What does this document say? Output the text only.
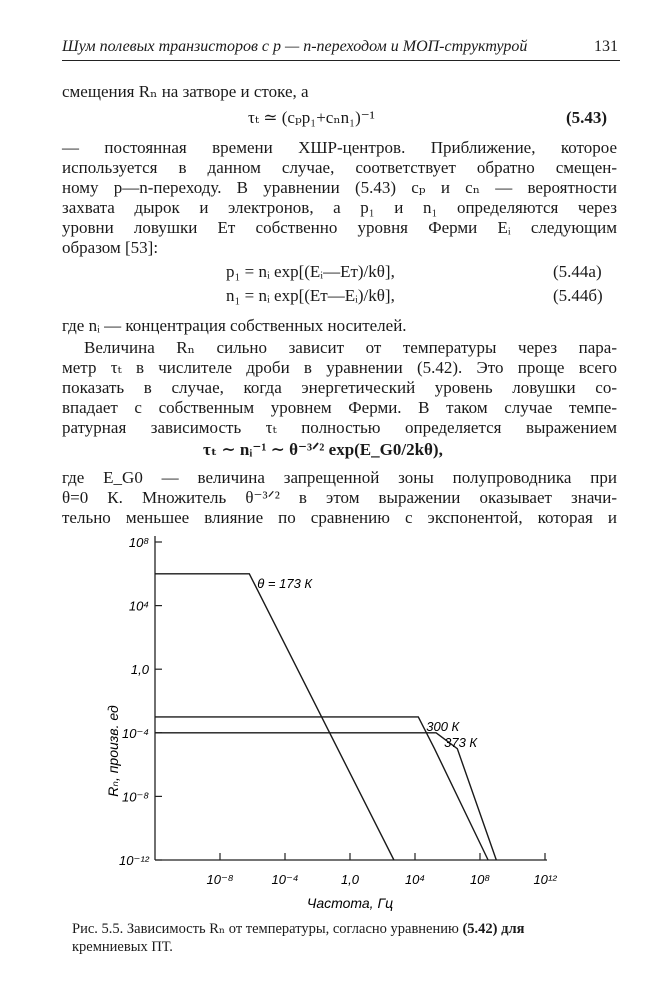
Шум полевых транзисторов с p — n-переходом и МОП-структурой	131
смещения Rₙ на затворе и стоке, а
τₜ ≃ (cₚp₁+cₙn₁)⁻¹	(5.43)
— постоянная времени ХШР-центров. Приближение, которое
используется в данном случае, соответствует обратно смещен-
ному p—n-переходу. В уравнении (5.43) cₚ и cₙ — вероятности
захвата дырок и электронов, а p₁ и n₁ определяются через
уровни ловушки Eᴛ собственно уровня Ферми Eᵢ следующим
образом [53]:
p₁ = nᵢ exp[(Eᵢ—Eᴛ)/kθ],	(5.44а)
n₁ = nᵢ exp[(Eᴛ—Eᵢ)/kθ],	(5.44б)
где nᵢ — концентрация собственных носителей.
Величина Rₙ сильно зависит от температуры через пара-
метр τₜ в числителе дроби в уравнении (5.42). Это проще всего
показать в случае, когда энергетический уровень ловушки со-
впадает с собственным уровнем Ферми. В таком случае темпе-
ратурная зависимость τₜ полностью определяется выражением
τₜ ∼ nᵢ⁻¹ ∼ θ⁻³ᐟ² exp(E_G0/2kθ),
где E_G0 — величина запрещенной зоны полупроводника при
θ=0 К. Множитель θ⁻³ᐟ² в этом выражении оказывает значи-
тельно меньшее влияние по сравнению с экспонентой, которая и
10⁻¹²
10⁻⁸
10⁻⁴
1,0
10⁴
10⁸
10⁻⁸	10⁻⁴	1,0	10⁴	10⁸	10¹²
θ = 173 К
300 К
373 К
Частота, Гц
Rₙ, произв. ед
Рис. 5.5. Зависимость Rₙ от температуры, согласно уравнению (5.42) для
кремниевых ПТ.
